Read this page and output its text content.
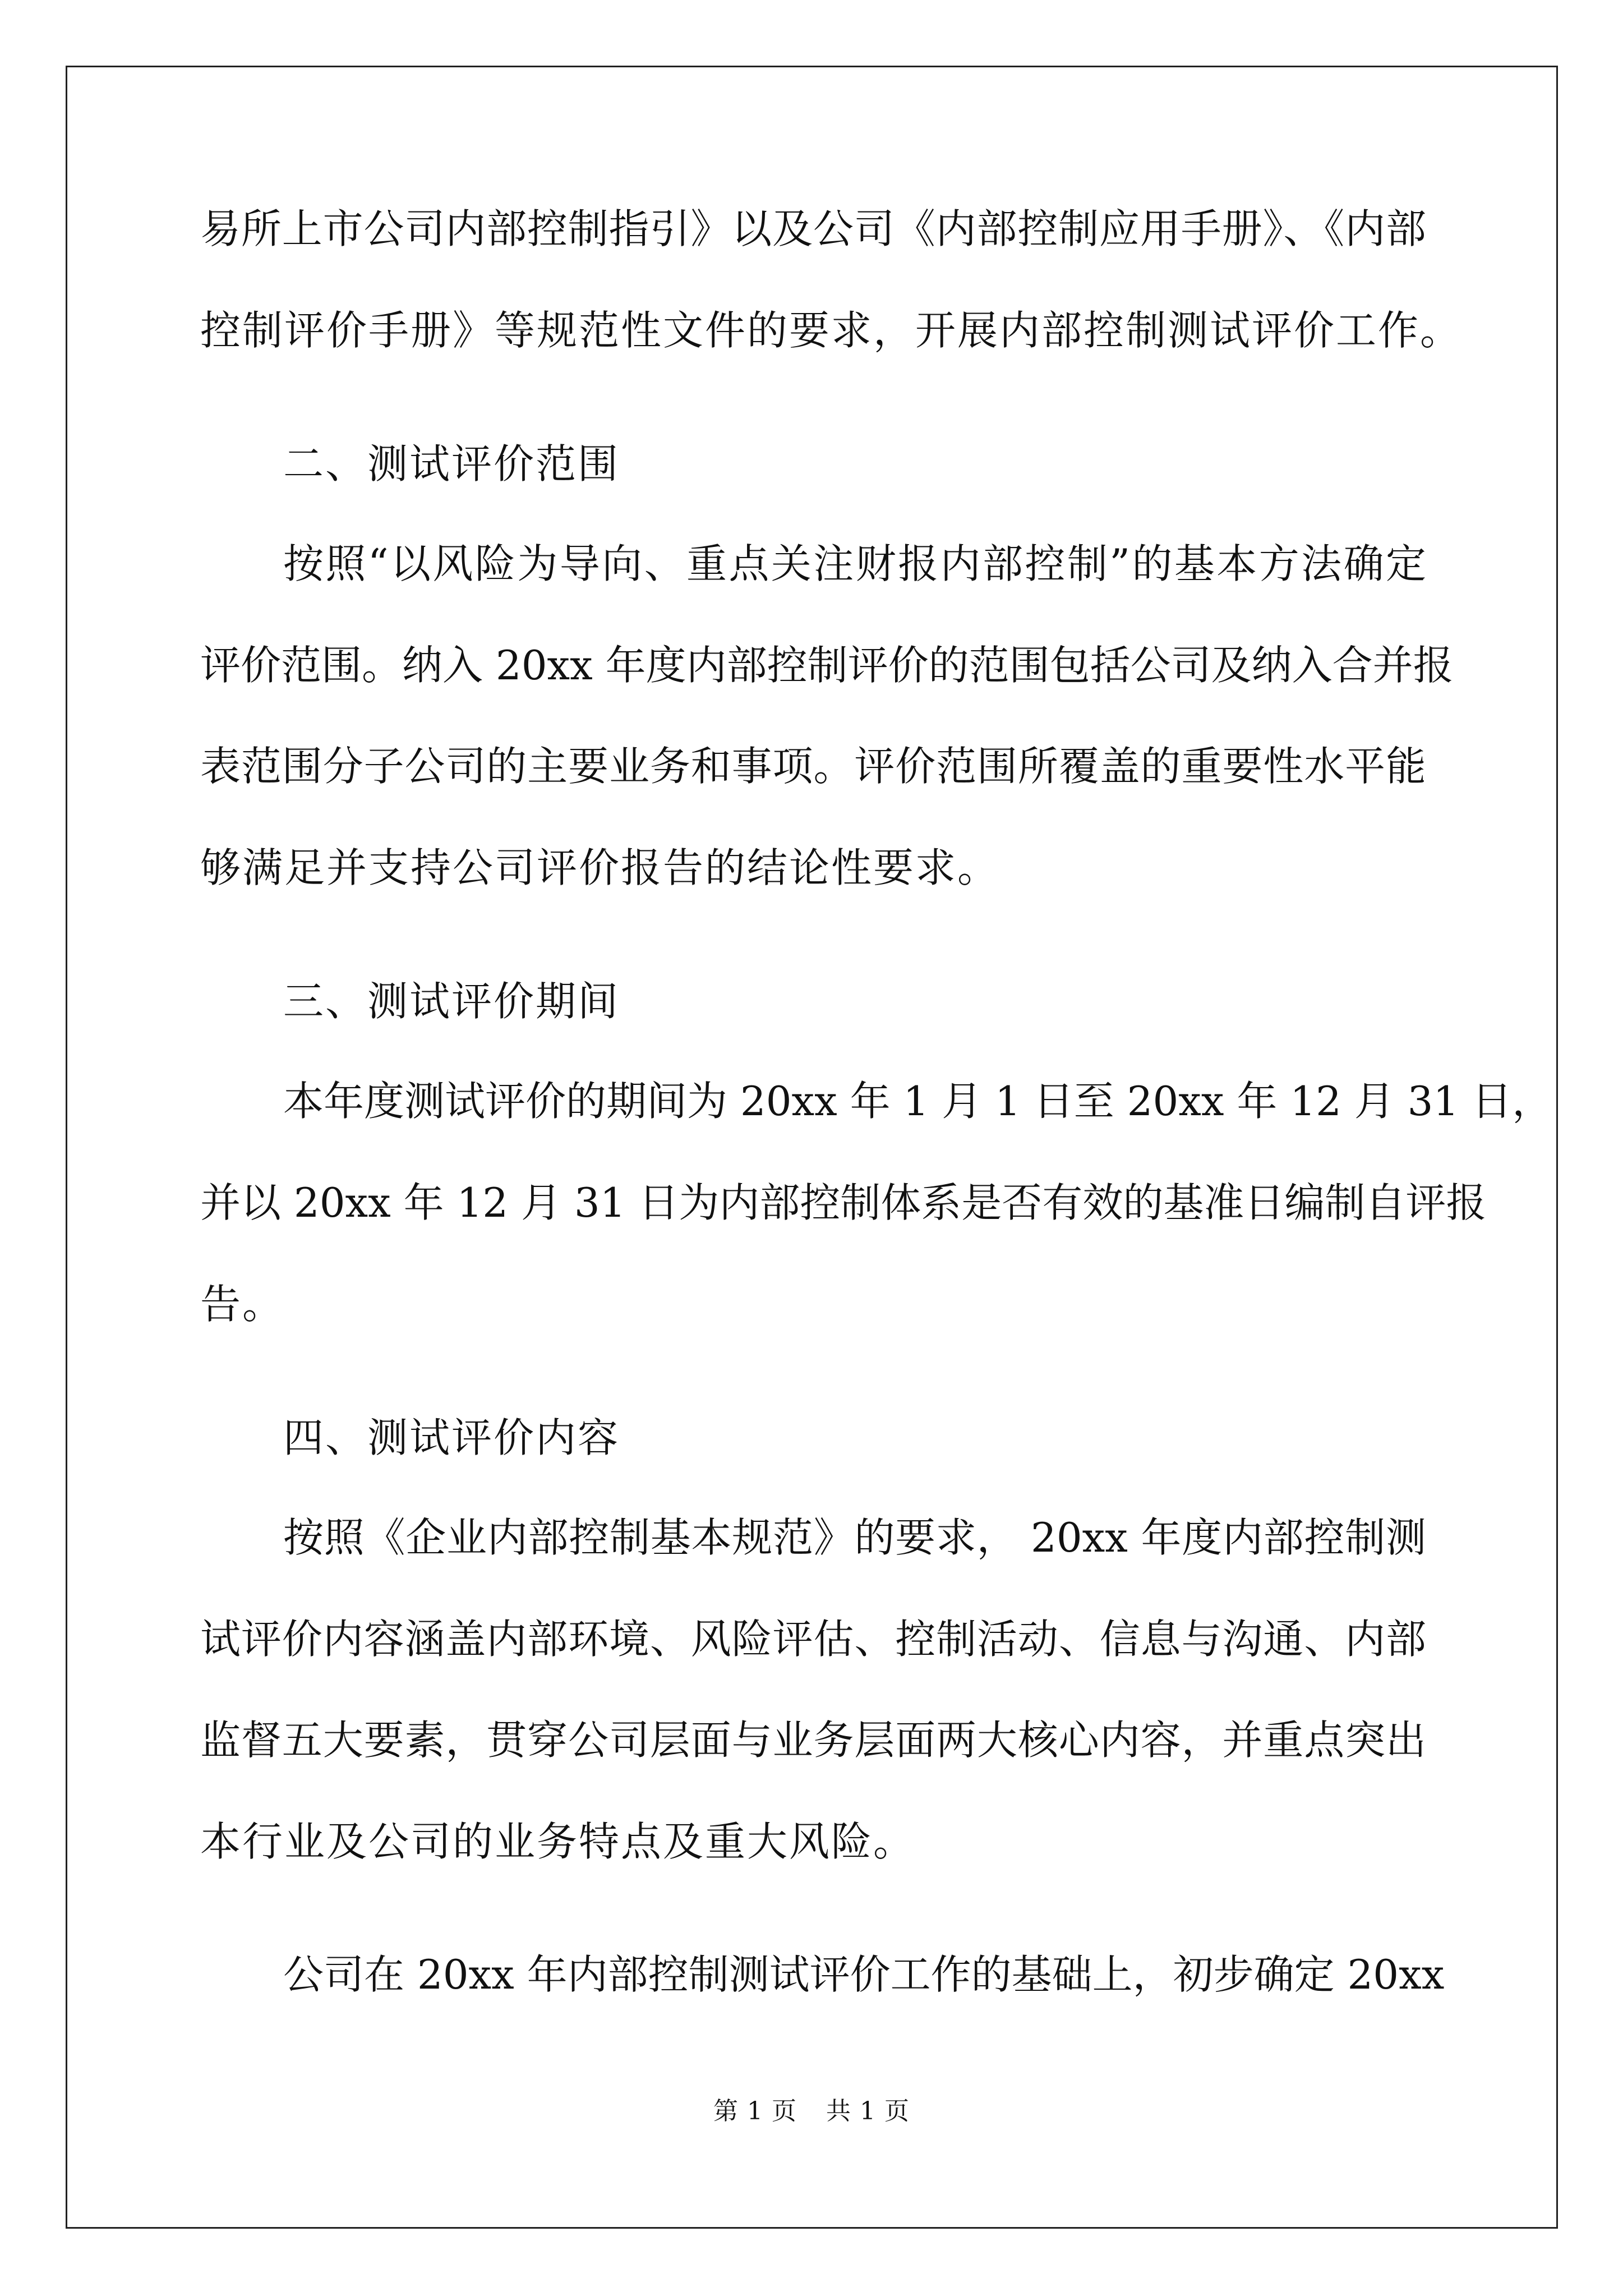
易所上市公司内部控制指引》以及公司《内部控制应用手册》、《内部
控制评价手册》等规范性文件的要求，开展内部控制测试评价工作。
二、测试评价范围
按照“以风险为导向、重点关注财报内部控制”的基本方法确定
评价范围。纳入 20xx 年度内部控制评价的范围包括公司及纳入合并报
表范围分子公司的主要业务和事项。评价范围所覆盖的重要性水平能
够满足并支持公司评价报告的结论性要求。
三、测试评价期间
本年度测试评价的期间为 20xx 年 1 月 1 日至 20xx 年 12 月 31 日，
并以 20xx 年 12 月 31 日为内部控制体系是否有效的基准日编制自评报
告。
四、测试评价内容
按照《企业内部控制基本规范》的要求， 20xx 年度内部控制测
试评价内容涵盖内部环境、风险评估、控制活动、信息与沟通、内部
监督五大要素，贯穿公司层面与业务层面两大核心内容，并重点突出
本行业及公司的业务特点及重大风险。
公司在 20xx 年内部控制测试评价工作的基础上，初步确定 20xx
第 1 页 共 1 页
